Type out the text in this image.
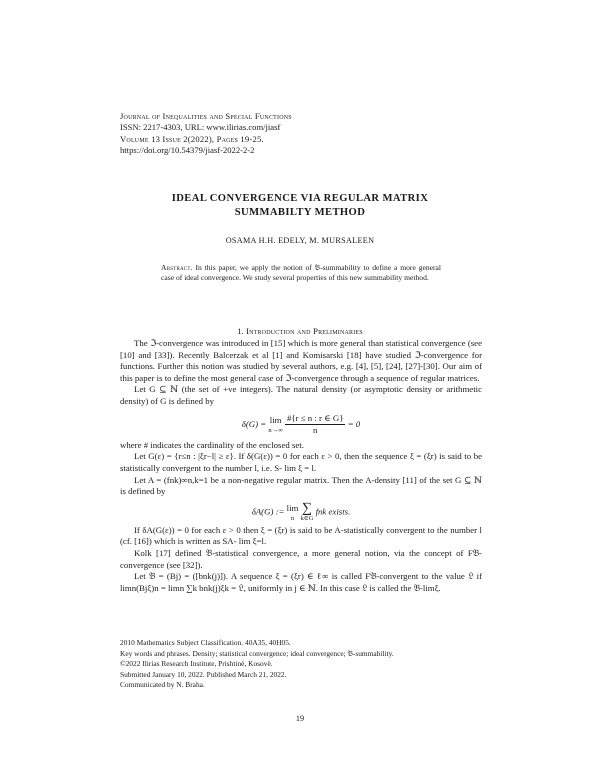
Journal of Inequalities and Special Functions
ISSN: 2217-4303, URL: www.ilirias.com/jiasf
Volume 13 Issue 2(2022), Pages 19-25.
https://doi.org/10.54379/jiasf-2022-2-2
IDEAL CONVERGENCE VIA REGULAR MATRIX
SUMMABILTY METHOD
OSAMA H.H. EDELY, M. MURSALEEN
Abstract. In this paper, we apply the notion of 𝔅-summability to define a more general case of ideal convergence. We study several properties of this new summability method.
1. Introduction and Preliminaries

The ℑ-convergence was introduced in [15] which is more general than statistical convergence (see [10] and [33]). Recently Balcerzak et al [1] and Komisarski [18] have studied ℑ-convergence for functions. Further this notion was studied by several authors, e.g. [4], [5], [24], [27]-[30]. Our aim of this paper is to define the most general case of ℑ-convergence through a sequence of regular matrices.

Let G ⊆ ℕ (the set of +ve integers). The natural density (or asymptotic density or arithmetic density) of G is defined by

δ(G) = lim
n→∞
$\frac{\#\{r \le n : r \in G\}}{n} = 0$

where # indicates the cardinality of the enclosed set.

Let G(ε) = {r≤n : |ξr−l| ≥ ε}. If δ(G(ε)) = 0 for each ε > 0, then the sequence ξ = (ξr) is said to be statistically convergent to the number l, i.e. S- lim ξ = l.

Let A = (fnk)∞n,k=1 be a non-negative regular matrix. Then the A-density [11] of the set G ⊆ ℕ is defined by

δA(G) := lim
n

∑
k∈G
fnk exists.

If δA(G(ε)) = 0 for each ε > 0 then ξ = (ξr) is said to be A-statistically convergent to the number l (cf. [16]) which is written as SA- lim ξ=l.

Kolk [17] defined 𝔅-statistical convergence, a more general notion, via the concept of F𝔅-convergence (see [32]).

Let 𝔅 = (Bj) = ([bnk(j)]). A sequence ξ = (ξr) ∈ ℓ∞ is called F𝔅-convergent to the value 𝔏 if limn(Bjξ)n = limn ∑k bnk(j)ξk = 𝔏, uniformly in j ∈ ℕ. In this case 𝔏 is called the 𝔅-limξ.

2010 Mathematics Subject Classification. 40A35, 40H05.
Key words and phrases. Density; statistical convergence; ideal convergence; 𝔅-summability.
©2022 Ilirias Research Institute, Prishtinë, Kosovë.
Submitted January 10, 2022. Published March 21, 2022.
Communicated by N. Braha.
19
